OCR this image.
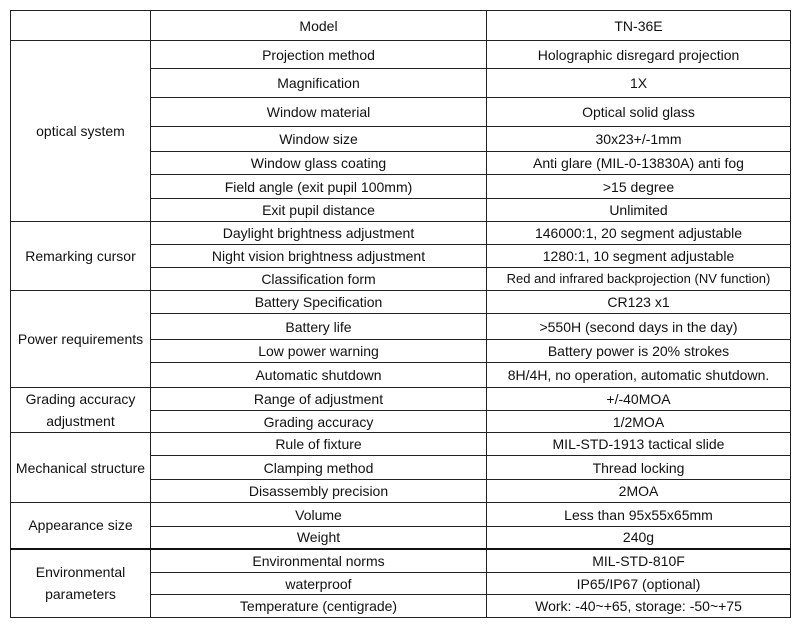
	Model	TN-36E
optical system	Projection method	Holographic disregard projection
	Magnification	1X
	Window material	Optical solid glass
	Window size	30x23+/-1mm
	Window glass coating	Anti glare (MIL-0-13830A) anti fog
	Field angle (exit pupil 100mm)	>15 degree
	Exit pupil distance	Unlimited
Remarking cursor	Daylight brightness adjustment	146000:1, 20 segment adjustable
	Night vision brightness adjustment	1280:1, 10 segment adjustable
	Classification form	Red and infrared backprojection (NV function)
Power requirements	Battery Specification	CR123 x1
	Battery life	>550H (second days in the day)
	Low power warning	Battery power is 20% strokes
	Automatic shutdown	8H/4H, no operation, automatic shutdown.
Grading accuracy adjustment	Range of adjustment	+/-40MOA
	Grading accuracy	1/2MOA
Mechanical structure	Rule of fixture	MIL-STD-1913 tactical slide
	Clamping method	Thread locking
	Disassembly precision	2MOA
Appearance size	Volume	Less than 95x55x65mm
	Weight	240g
Environmental parameters	Environmental norms	MIL-STD-810F
	waterproof	IP65/IP67 (optional)
	Temperature (centigrade)	Work: -40~+65, storage: -50~+75
